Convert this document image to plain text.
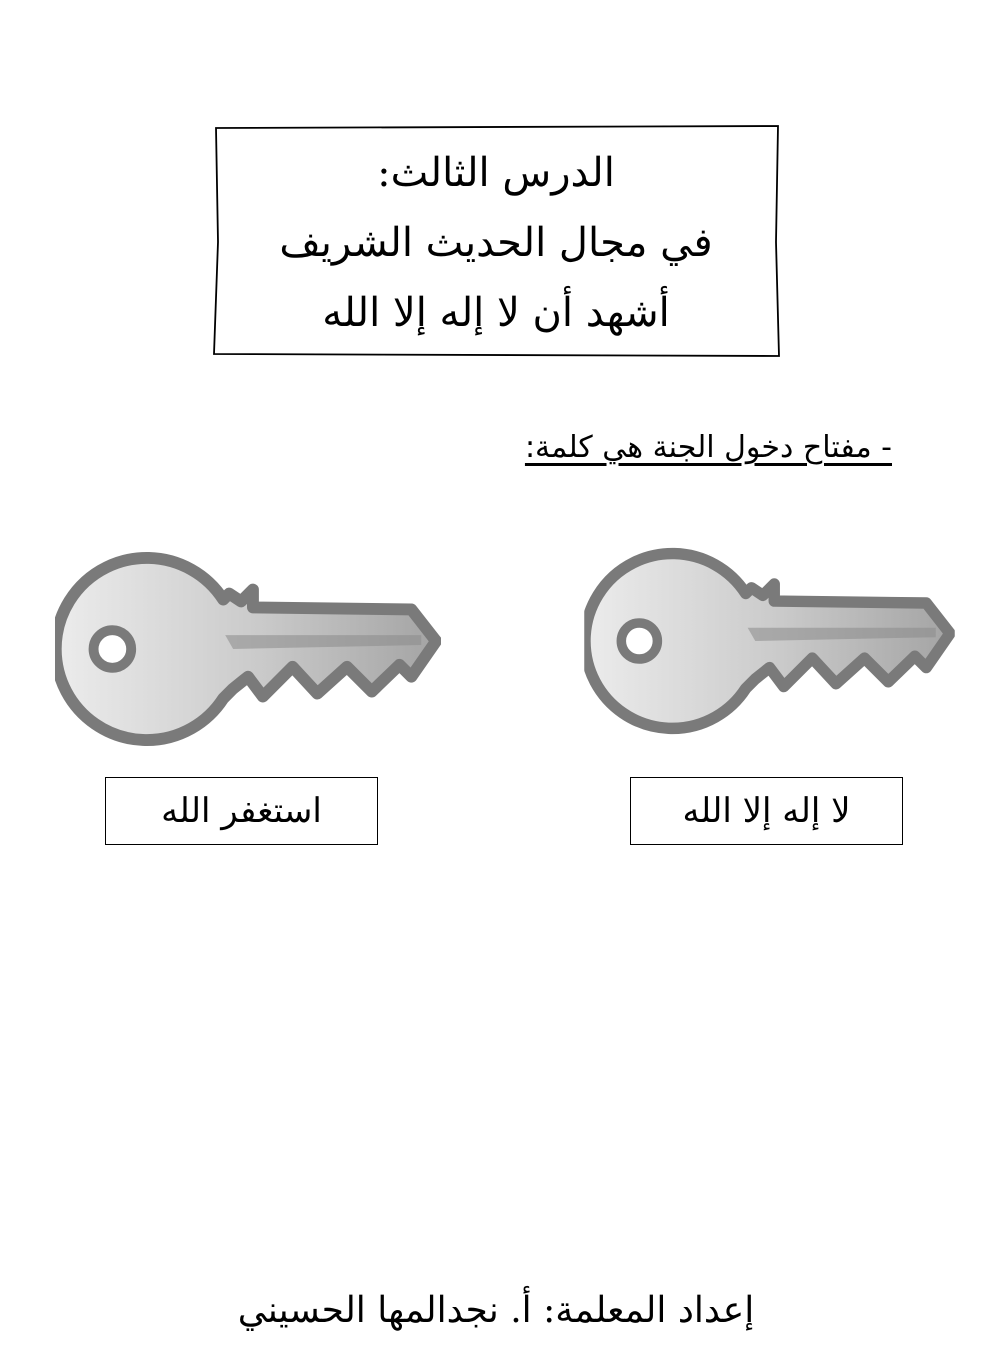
الدرس الثالث:
في مجال الحديث الشريف
أشهد أن لا إله إلا الله
- مفتاح دخول الجنة هي كلمة:
استغفر الله	لا إله إلا الله
إعداد المعلمة: أ. نجدالمها الحسيني
